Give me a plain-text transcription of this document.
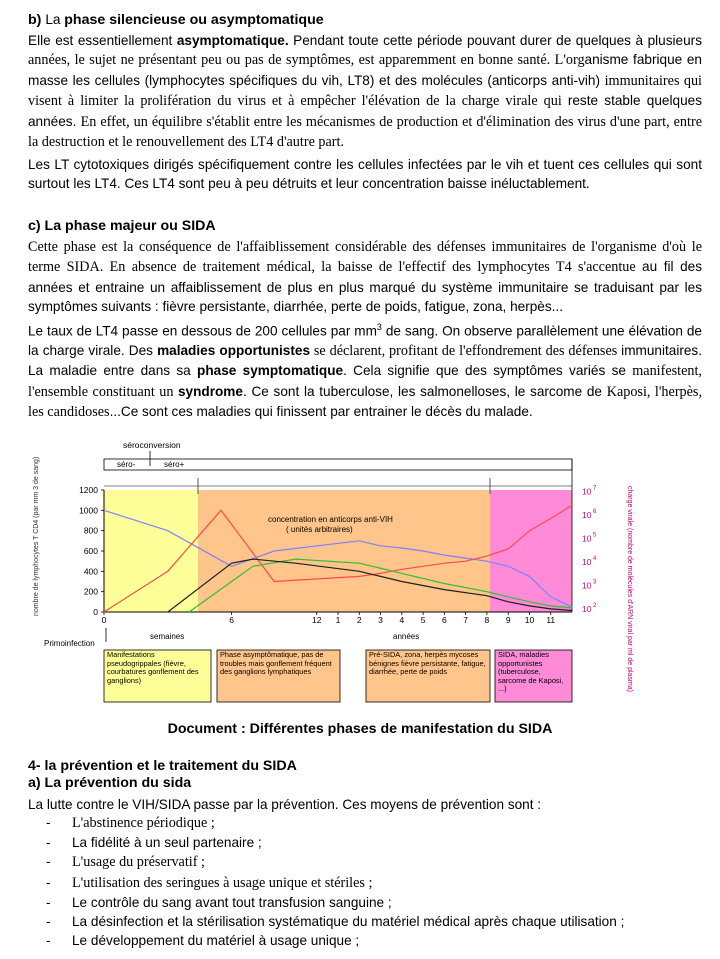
b) La phase silencieuse ou asymptomatique
Elle est essentiellement asymptomatique. Pendant toute cette période pouvant durer de quelques à plusieurs années, le sujet ne présentant peu ou pas de symptômes, est apparemment en bonne santé. L'organisme fabrique en masse les cellules (lymphocytes spécifiques du vih, LT8) et des molécules (anticorps anti-vih) immunitaires qui visent à limiter la prolifération du virus et à empêcher l'élévation de la charge virale qui reste stable quelques années. En effet, un équilibre s'établit entre les mécanismes de production et d'élimination des virus d'une part, entre la destruction et le renouvellement des LT4 d'autre part.
Les LT cytotoxiques dirigés spécifiquement contre les cellules infectées par le vih et tuent ces cellules qui sont surtout les LT4. Ces LT4 sont peu à peu détruits et leur concentration baisse inéluctablement.
c) La phase majeur ou SIDA
Cette phase est la conséquence de l'affaiblissement considérable des défenses immunitaires de l'organisme d'où le terme SIDA. En absence de traitement médical, la baisse de l'effectif des lymphocytes T4 s'accentue au fil des années et entraine un affaiblissement de plus en plus marqué du système immunitaire se traduisant par les symptômes suivants : fièvre persistante, diarrhée, perte de poids, fatigue, zona, herpès...
Le taux de LT4 passe en dessous de 200 cellules par $mm^3$ de sang. On observe parallèlement une élévation de la charge virale. Des maladies opportunistes se déclarent, profitant de l'effondrement des défenses immunitaires. La maladie entre dans sa phase symptomatique. Cela signifie que des symptômes variés se manifestent, l'ensemble constituant un syndrome. Ce sont la tuberculose, les salmonelloses, le sarcome de Kaposi, l'herpès, les candidoses...Ce sont ces maladies qui finissent par entrainer le décès du malade.
séroconversion
séro-	séro+
0
200
400
600
800
1000
1200
10 2
10 3
10 4
10 5
10 6
10 7
0	6	12 1 2 3 4 5 6 7 8 9 10 11
nombre de lymphocytes T CD4 (par mm 3 de sang)	charge virale (nombre de molécules d'ARN viral par ml de plasma)
semaines	années
Primoinfection
concentration en anticorps anti-VIH
( unités arbitraires)
Manifestations pseudogrippales (fièvre, courbatures gonflement des ganglions)
Phase asymptômatique, pas de troubles mais gonflement fréquent des ganglions lymphatiques
Pré-SIDA, zona, herpès mycoses bénignes fièvre persistante, fatigue, diarrhée, perte de poids
SIDA, maladies opportunistes (tuberculose, sarcome de Kaposi, ...)
Document : Différentes phases de manifestation du SIDA
4- la prévention et le traitement du SIDA
a) La prévention du sida
La lutte contre le VIH/SIDA passe par la prévention. Ces moyens de prévention sont :
- L'abstinence périodique ;
- La fidélité à un seul partenaire ;
- L'usage du préservatif ;
- L'utilisation des seringues à usage unique et stériles ;
- Le contrôle du sang avant tout transfusion sanguine ;
- La désinfection et la stérilisation systématique du matériel médical après chaque utilisation ;
- Le développement du matériel à usage unique ;
